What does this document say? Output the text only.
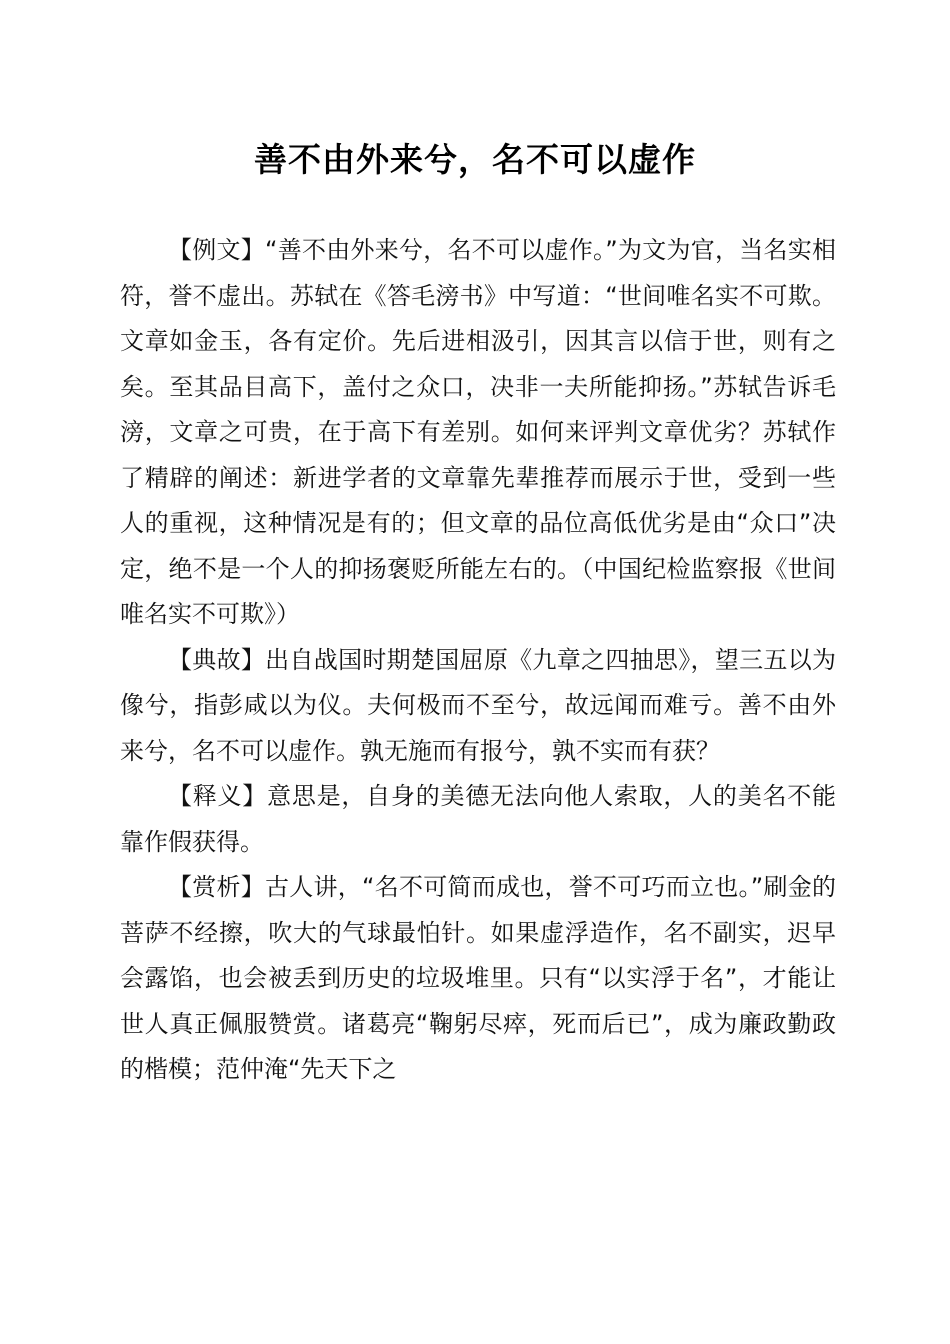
善不由外来兮，名不可以虚作

【例文】“善不由外来兮，名不可以虚作。”为文为官，当名实相符，誉不虚出。苏轼在《答毛滂书》中写道：“世间唯名实不可欺。文章如金玉，各有定价。先后进相汲引，因其言以信于世，则有之矣。至其品目高下，盖付之众口，决非一夫所能抑扬。”苏轼告诉毛滂，文章之可贵，在于高下有差别。如何来评判文章优劣？苏轼作了精辟的阐述：新进学者的文章靠先辈推荐而展示于世，受到一些人的重视，这种情况是有的；但文章的品位高低优劣是由“众口”决定，绝不是一个人的抑扬褒贬所能左右的。（中国纪检监察报《世间唯名实不可欺》）

【典故】出自战国时期楚国屈原《九章之四抽思》，望三五以为像兮，指彭咸以为仪。夫何极而不至兮，故远闻而难亏。善不由外来兮，名不可以虚作。孰无施而有报兮，孰不实而有获？

【释义】意思是，自身的美德无法向他人索取，人的美名不能靠作假获得。

【赏析】古人讲，“名不可简而成也，誉不可巧而立也。”刷金的菩萨不经擦，吹大的气球最怕针。如果虚浮造作，名不副实，迟早会露馅，也会被丢到历史的垃圾堆里。只有“以实浮于名”，才能让世人真正佩服赞赏。诸葛亮“鞠躬尽瘁，死而后已”，成为廉政勤政的楷模；范仲淹“先天下之
